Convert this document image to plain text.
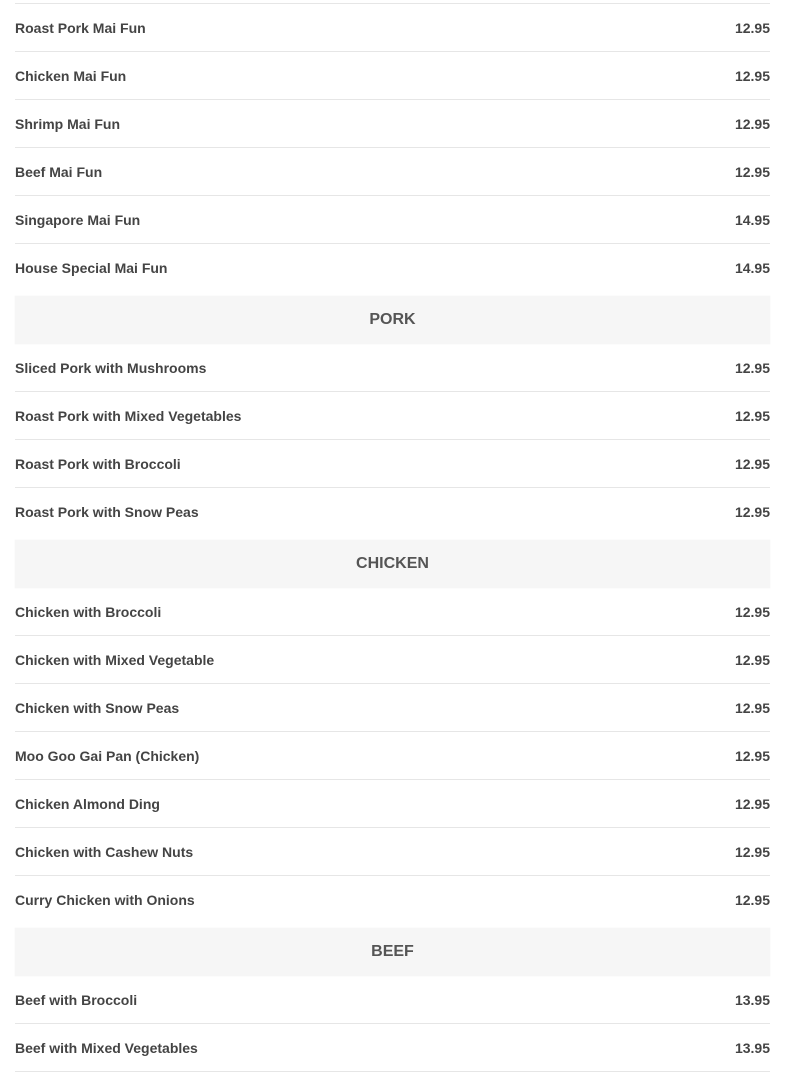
Roast Pork Mai Fun	12.95
Chicken Mai Fun	12.95
Shrimp Mai Fun	12.95
Beef Mai Fun	12.95
Singapore Mai Fun	14.95
House Special Mai Fun	14.95
PORK
Sliced Pork with Mushrooms	12.95
Roast Pork with Mixed Vegetables	12.95
Roast Pork with Broccoli	12.95
Roast Pork with Snow Peas	12.95
CHICKEN
Chicken with Broccoli	12.95
Chicken with Mixed Vegetable	12.95
Chicken with Snow Peas	12.95
Moo Goo Gai Pan (Chicken)	12.95
Chicken Almond Ding	12.95
Chicken with Cashew Nuts	12.95
Curry Chicken with Onions	12.95
BEEF
Beef with Broccoli	13.95
Beef with Mixed Vegetables	13.95
